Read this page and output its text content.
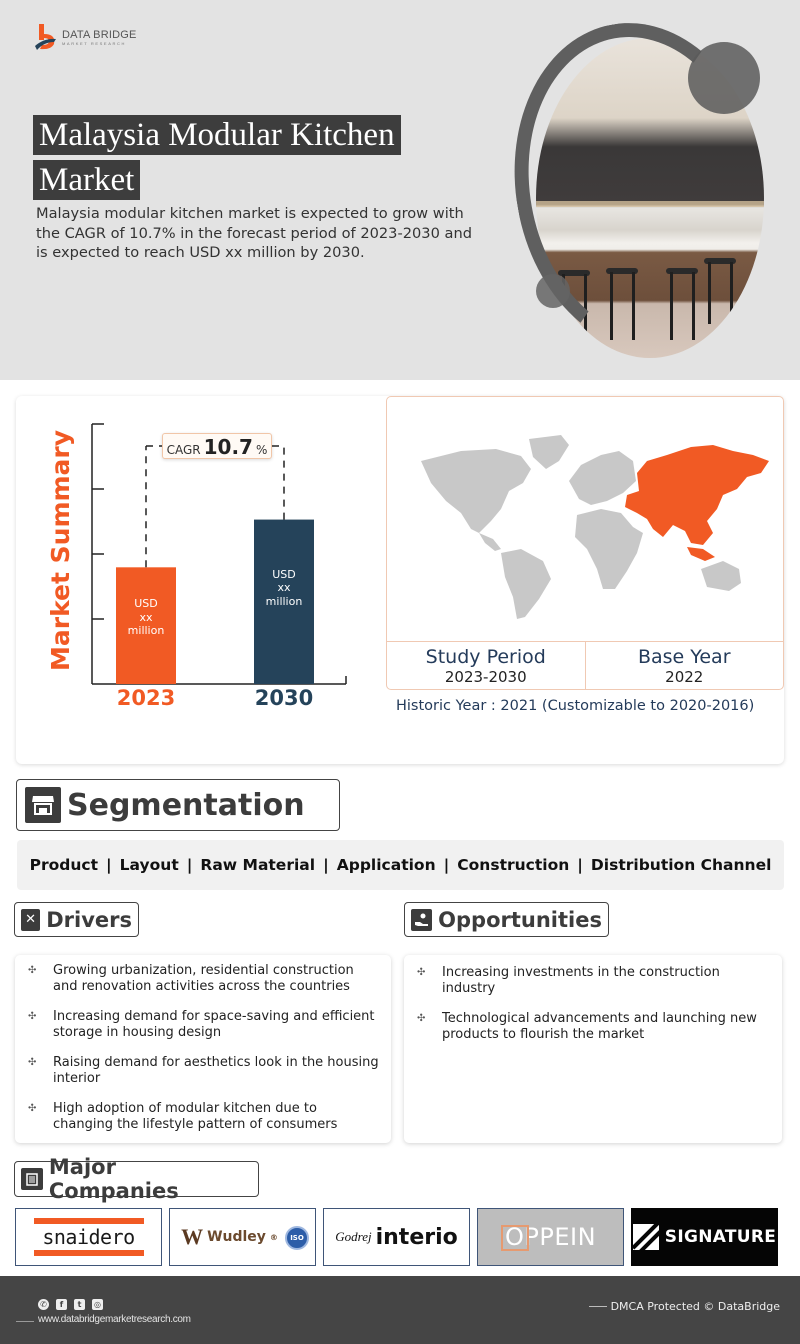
DATA BRIDGE
MARKET RESEARCH
Malaysia Modular Kitchen
Market

Malaysia modular kitchen market is expected to grow with the CAGR of 10.7% in the forecast period of 2023-2030 and is expected to reach USD xx million by 2030.

Market Summary	CAGR 10.7 %
USD
xx
million
2023
USD
xx
million
2030
Study Period
2023-2030
Base Year
2022
Historic Year : 2021 (Customizable to 2020-2016)
Segmentation
Product | Layout | Raw Material | Application | Construction | Distribution Channel
✕ Drivers	Opportunities
✣ Growing urbanization, residential construction and renovation activities across the countries
✣ Increasing demand for space-saving and efficient storage in housing design
✣ Raising demand for aesthetics look in the housing interior
✣ High adoption of modular kitchen due to changing the lifestyle pattern of consumers
✣ Increasing investments in the construction industry
✣ Technological advancements and launching new products to flourish the market
Major Companies
snaidero	W Wudley ®	ISO	Godrej interio OPPEIN	SIGNATURE
✆	f	t	◎
www.databridgemarketresearch.com
DMCA Protected © DataBridge
